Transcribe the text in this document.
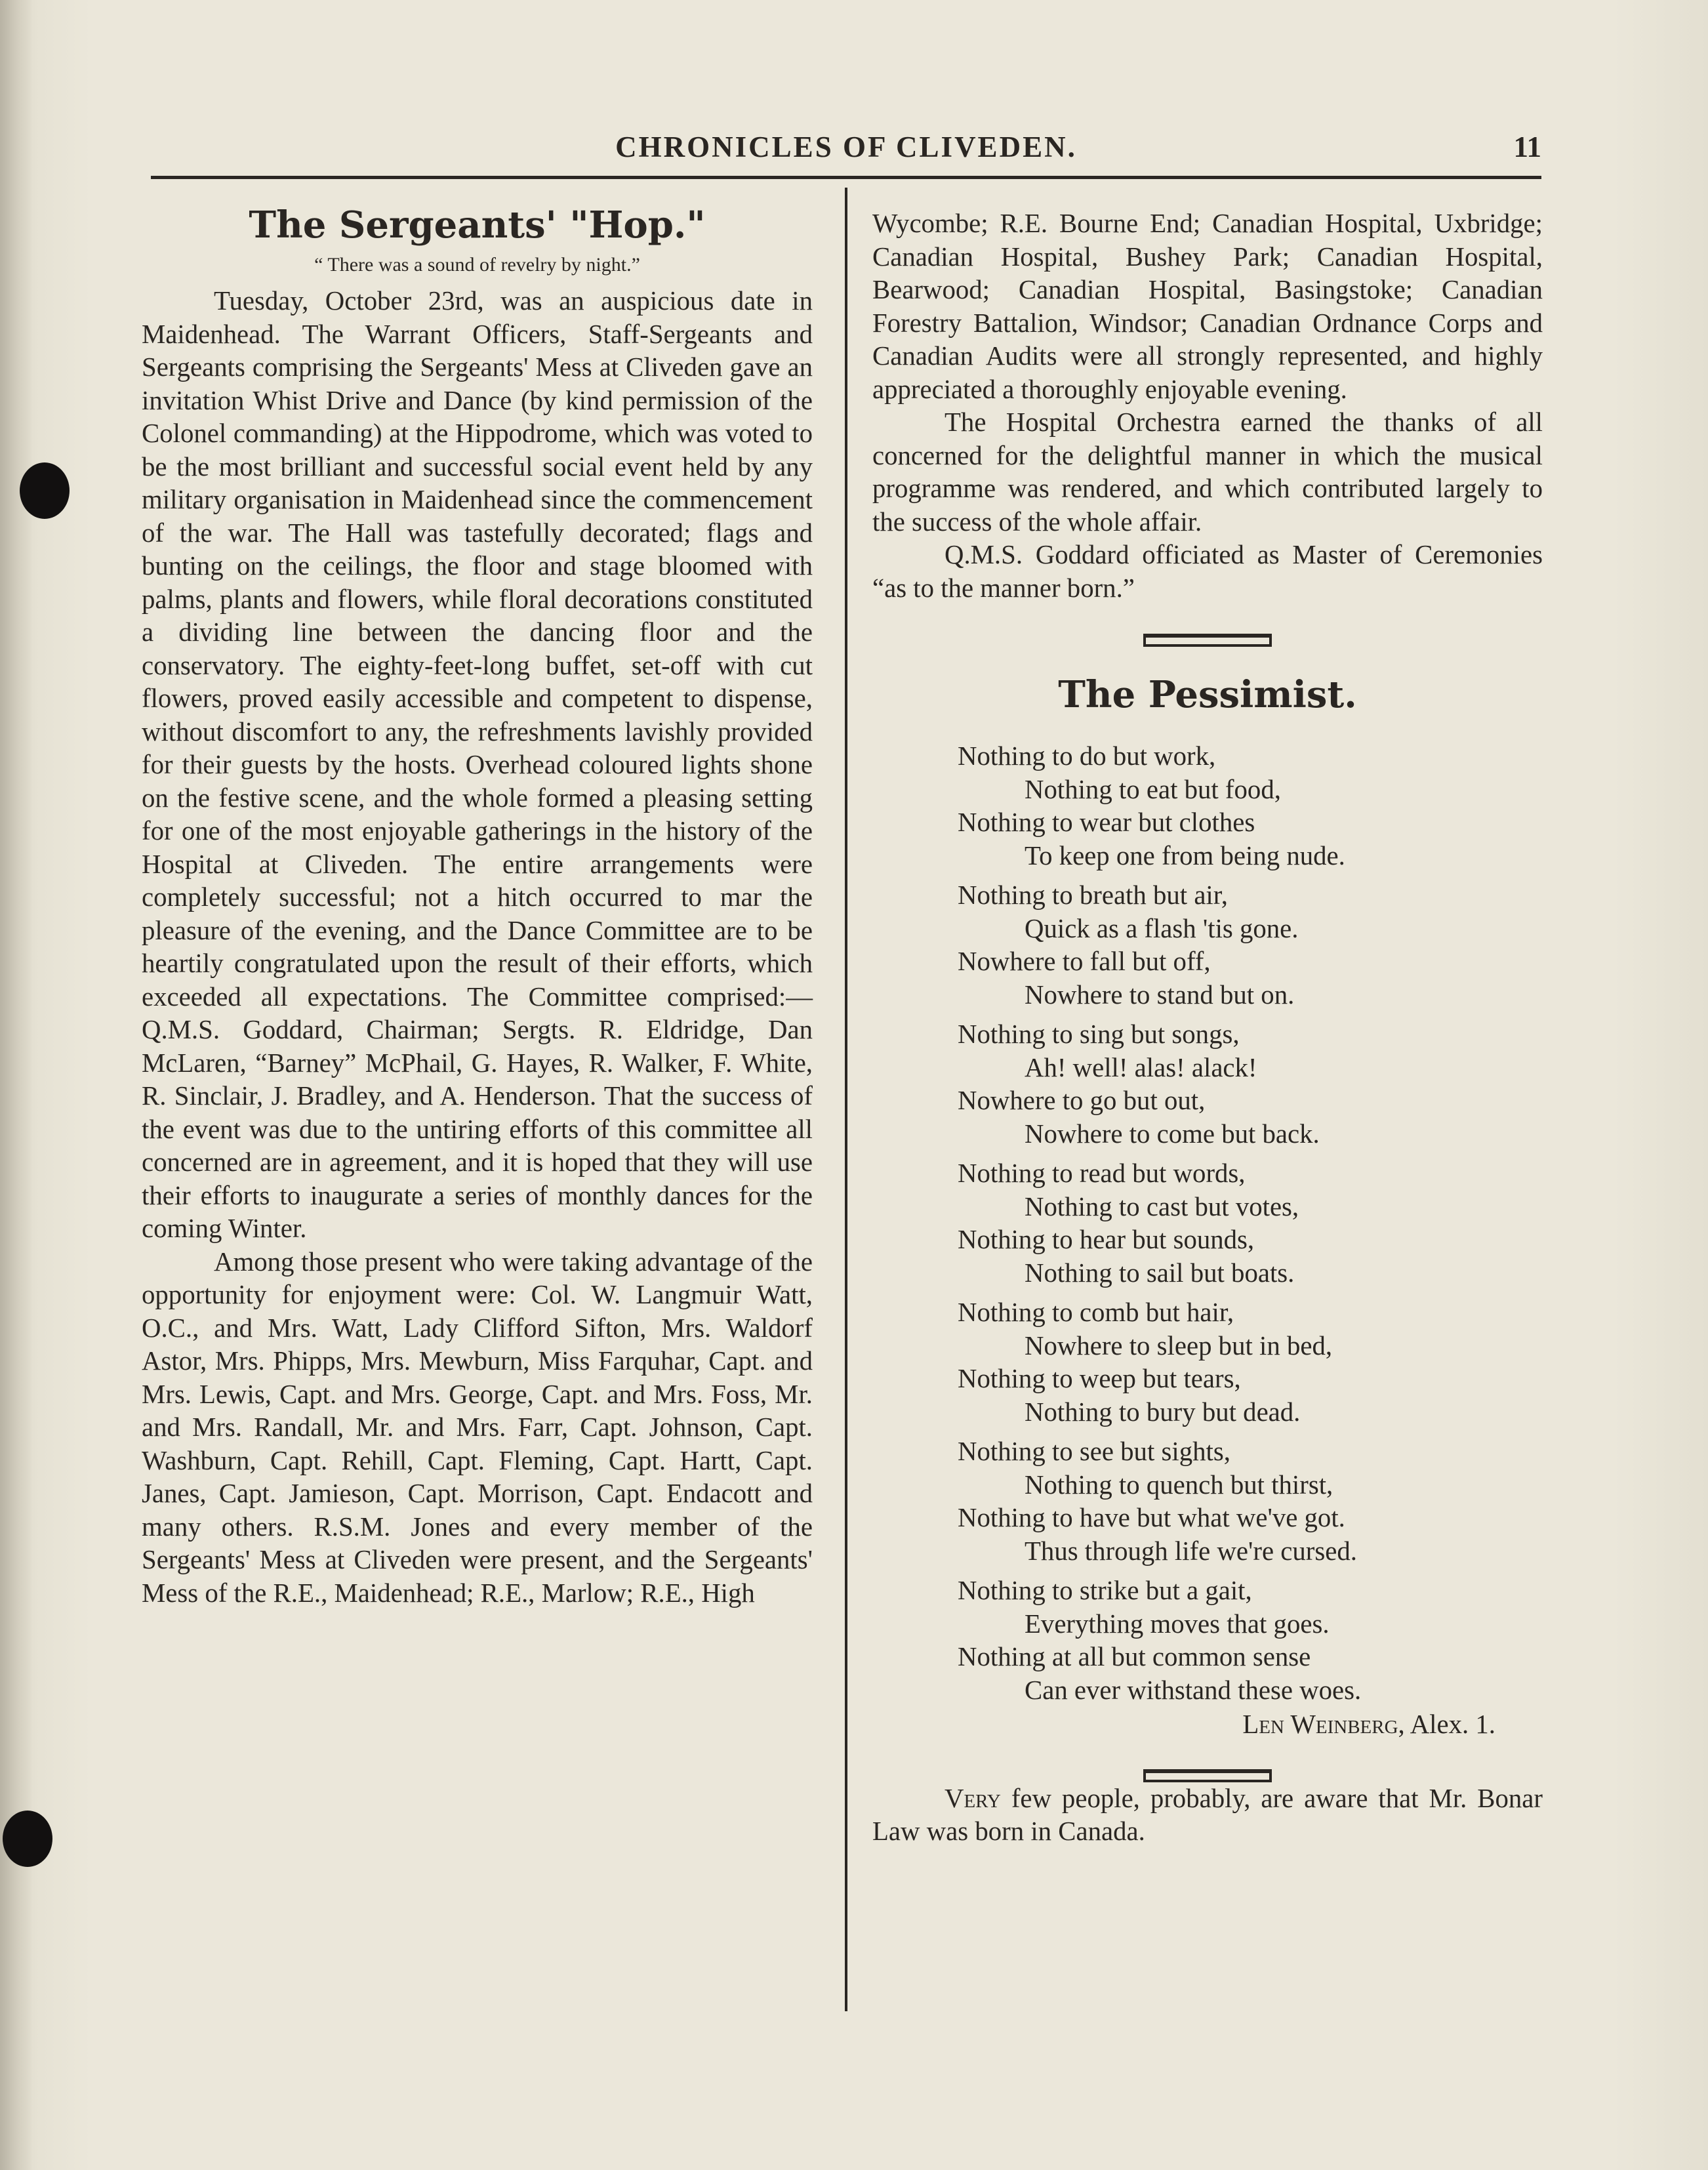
CHRONICLES OF CLIVEDEN.	11
The Sergeants' "Hop."
“ There was a sound of revelry by night.”

Tuesday, October 23rd, was an auspicious date in Maidenhead. The Warrant Officers, Staff-Sergeants and Sergeants comprising the Sergeants' Mess at Cliveden gave an invitation Whist Drive and Dance (by kind permission of the Colonel commanding) at the Hippodrome, which was voted to be the most brilliant and successful social event held by any military organisation in Maidenhead since the commencement of the war. The Hall was tastefully decorated; flags and bunting on the ceilings, the floor and stage bloomed with palms, plants and flowers, while floral decorations constituted a dividing line between the dancing floor and the conservatory. The eighty-feet-long buffet, set-off with cut flowers, proved easily accessible and competent to dispense, without discomfort to any, the refreshments lavishly provided for their guests by the hosts. Overhead coloured lights shone on the festive scene, and the whole formed a pleasing setting for one of the most enjoyable gatherings in the history of the Hospital at Cliveden. The entire arrangements were completely successful; not a hitch occurred to mar the pleasure of the evening, and the Dance Committee are to be heartily congratulated upon the result of their efforts, which exceeded all expectations. The Committee comprised:— Q.M.S. Goddard, Chairman; Sergts. R. Eldridge, Dan McLaren, “Barney” McPhail, G. Hayes, R. Walker, F. White, R. Sinclair, J. Bradley, and A. Henderson. That the success of the event was due to the untiring efforts of this committee all concerned are in agreement, and it is hoped that they will use their efforts to inaugurate a series of monthly dances for the coming Winter.

Among those present who were taking advantage of the opportunity for enjoyment were: Col. W. Langmuir Watt, O.C., and Mrs. Watt, Lady Clifford Sifton, Mrs. Waldorf Astor, Mrs. Phipps, Mrs. Mewburn, Miss Farquhar, Capt. and Mrs. Lewis, Capt. and Mrs. George, Capt. and Mrs. Foss, Mr. and Mrs. Randall, Mr. and Mrs. Farr, Capt. Johnson, Capt. Washburn, Capt. Rehill, Capt. Fleming, Capt. Hartt, Capt. Janes, Capt. Jamieson, Capt. Morrison, Capt. Endacott and many others. R.S.M. Jones and every member of the Sergeants' Mess at Cliveden were present, and the Sergeants' Mess of the R.E., Maidenhead; R.E., Marlow; R.E., High

Wycombe; R.E. Bourne End; Canadian Hospital, Uxbridge; Canadian Hospital, Bushey Park; Canadian Hospital, Bearwood; Canadian Hospital, Basingstoke; Canadian Forestry Battalion, Windsor; Canadian Ordnance Corps and Canadian Audits were all strongly represented, and highly appreciated a thoroughly enjoyable evening.

The Hospital Orchestra earned the thanks of all concerned for the delightful manner in which the musical programme was rendered, and which contributed largely to the success of the whole affair.

Q.M.S. Goddard officiated as Master of Ceremonies “as to the manner born.”

The Pessimist.
Nothing to do but work,
Nothing to eat but food,
Nothing to wear but clothes
To keep one from being nude.
Nothing to breath but air,
Quick as a flash 'tis gone.
Nowhere to fall but off,
Nowhere to stand but on.
Nothing to sing but songs,
Ah! well! alas! alack!
Nowhere to go but out,
Nowhere to come but back.
Nothing to read but words,
Nothing to cast but votes,
Nothing to hear but sounds,
Nothing to sail but boats.
Nothing to comb but hair,
Nowhere to sleep but in bed,
Nothing to weep but tears,
Nothing to bury but dead.
Nothing to see but sights,
Nothing to quench but thirst,
Nothing to have but what we've got.
Thus through life we're cursed.
Nothing to strike but a gait,
Everything moves that goes.
Nothing at all but common sense
Can ever withstand these woes.
Len Weinberg, Alex. 1.

Very few people, probably, are aware that Mr. Bonar Law was born in Canada.
